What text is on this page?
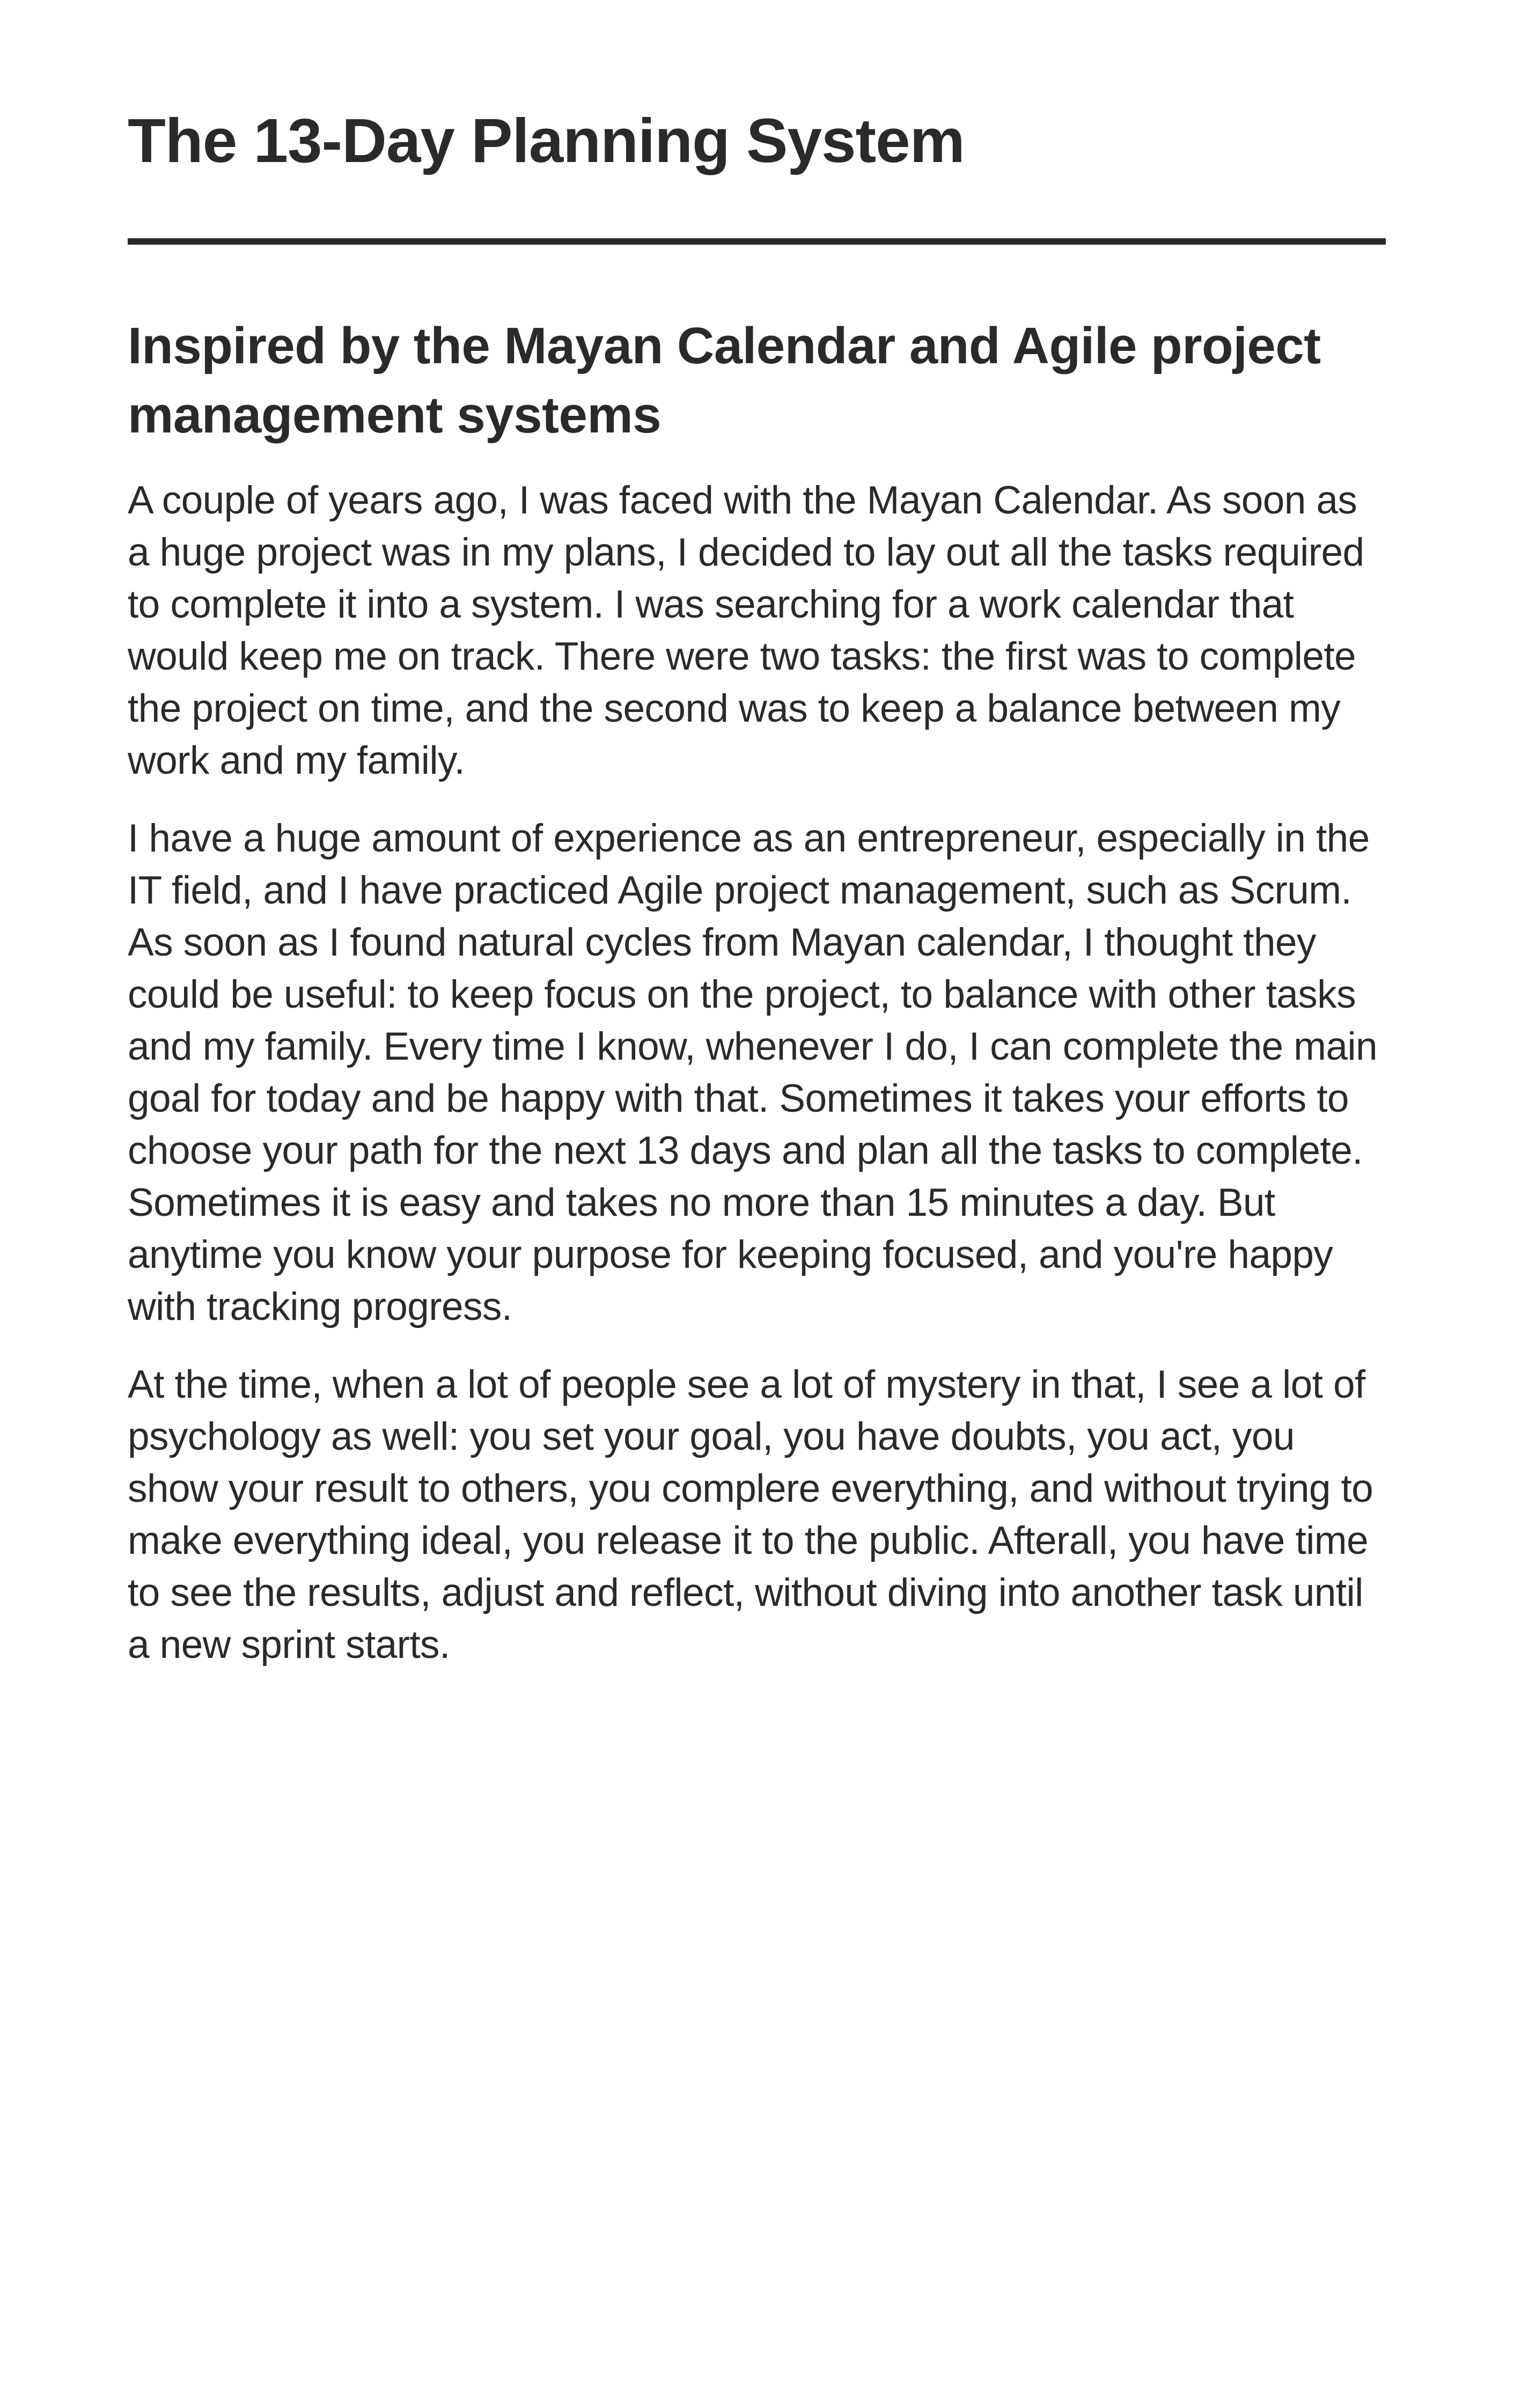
The 13-Day Planning System
Inspired by the Mayan Calendar and Agile project management systems

A couple of years ago, I was faced with the Mayan Calendar. As soon as a huge project was in my plans, I decided to lay out all the tasks required to complete it into a system. I was searching for a work calendar that would keep me on track. There were two tasks: the first was to complete the project on time, and the second was to keep a balance between my work and my family.

I have a huge amount of experience as an entrepreneur, especially in the IT field, and I have practiced Agile project management, such as Scrum. As soon as I found natural cycles from Mayan calendar, I thought they could be useful: to keep focus on the project, to balance with other tasks and my family. Every time I know, whenever I do, I can complete the main goal for today and be happy with that. Sometimes it takes your efforts to choose your path for the next 13 days and plan all the tasks to complete. Sometimes it is easy and takes no more than 15 minutes a day. But anytime you know your purpose for keeping focused, and you're happy with tracking progress.

At the time, when a lot of people see a lot of mystery in that, I see a lot of psychology as well: you set your goal, you have doubts, you act, you show your result to others, you complere everything, and without trying to make everything ideal, you release it to the public. Afterall, you have time to see the results, adjust and reflect, without diving into another task until a new sprint starts.
